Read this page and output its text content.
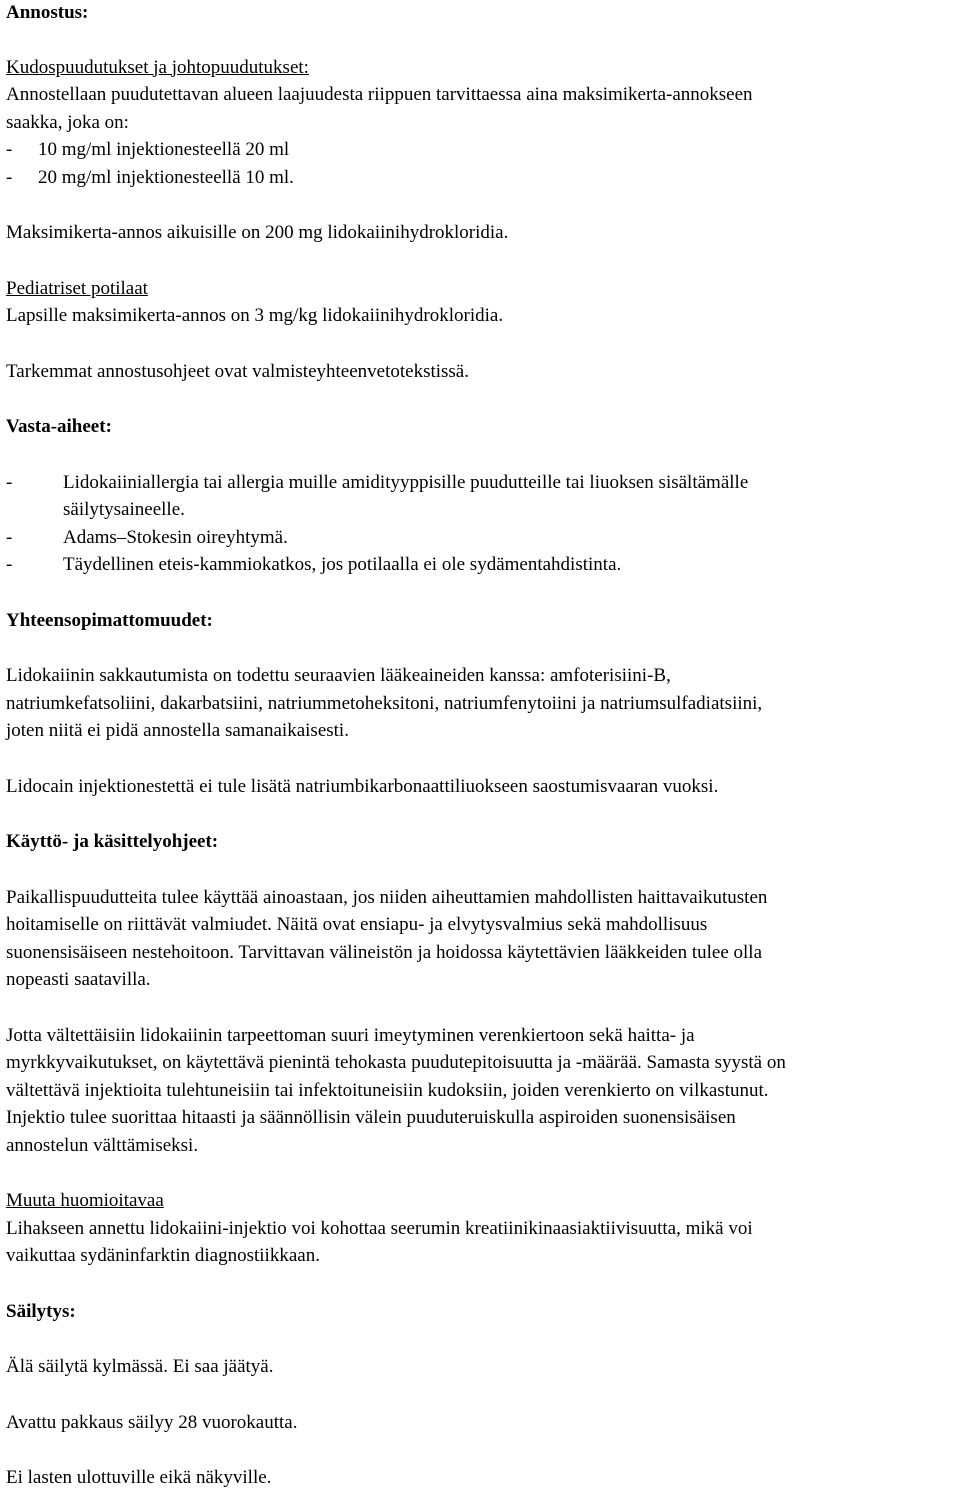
Annostus:
Kudospuudutukset ja johtopuudutukset:
Annostellaan puudutettavan alueen laajuudesta riippuen tarvittaessa aina maksimikerta-annokseen
saakka, joka on:
- 10 mg/ml injektionesteellä 20 ml
- 20 mg/ml injektionesteellä 10 ml.
Maksimikerta-annos aikuisille on 200 mg lidokaiinihydrokloridia.
Pediatriset potilaat
Lapsille maksimikerta-annos on 3 mg/kg lidokaiinihydrokloridia.
Tarkemmat annostusohjeet ovat valmisteyhteenvetotekstissä.
Vasta-aiheet:
-	Lidokaiiniallergia tai allergia muille amidityyppisille puudutteille tai liuoksen sisältämälle
säilytysaineelle.
-	Adams–Stokesin oireyhtymä.
-	Täydellinen eteis-kammiokatkos, jos potilaalla ei ole sydämentahdistinta.
Yhteensopimattomuudet:
Lidokaiinin sakkautumista on todettu seuraavien lääkeaineiden kanssa: amfoterisiini-B,
natriumkefatsoliini, dakarbatsiini, natriummetoheksitoni, natriumfenytoiini ja natriumsulfadiatsiini,
joten niitä ei pidä annostella samanaikaisesti.
Lidocain injektionestettä ei tule lisätä natriumbikarbonaattiliuokseen saostumisvaaran vuoksi.
Käyttö- ja käsittelyohjeet:
Paikallispuudutteita tulee käyttää ainoastaan, jos niiden aiheuttamien mahdollisten haittavaikutusten
hoitamiselle on riittävät valmiudet. Näitä ovat ensiapu- ja elvytysvalmius sekä mahdollisuus
suonensisäiseen nestehoitoon. Tarvittavan välineistön ja hoidossa käytettävien lääkkeiden tulee olla
nopeasti saatavilla.
Jotta vältettäisiin lidokaiinin tarpeettoman suuri imeytyminen verenkiertoon sekä haitta- ja
myrkkyvaikutukset, on käytettävä pienintä tehokasta puudutepitoisuutta ja -määrää. Samasta syystä on
vältettävä injektioita tulehtuneisiin tai infektoituneisiin kudoksiin, joiden verenkierto on vilkastunut.
Injektio tulee suorittaa hitaasti ja säännöllisin välein puuduteruiskulla aspiroiden suonensisäisen
annostelun välttämiseksi.
Muuta huomioitavaa
Lihakseen annettu lidokaiini-injektio voi kohottaa seerumin kreatiinikinaasiaktiivisuutta, mikä voi
vaikuttaa sydäninfarktin diagnostiikkaan.
Säilytys:
Älä säilytä kylmässä. Ei saa jäätyä.
Avattu pakkaus säilyy 28 vuorokautta.
Ei lasten ulottuville eikä näkyville.
